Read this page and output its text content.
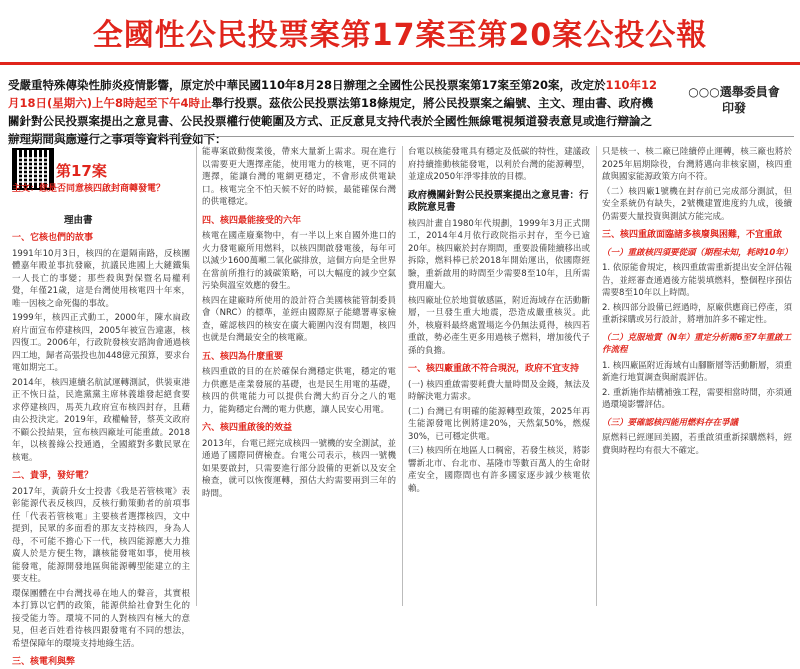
全國性公民投票案第17案至第20案公投公報
受嚴重特殊傳染性肺炎疫情影響，原定於中華民國110年8月28日辦理之全國性公民投票案第17案至第20案，改定於110年12月18日(星期六)上午8時起至下午4時止舉行投票。茲依公民投票法第18條規定，將公民投票案之編號、主文、理由書、政府機關針對公民投票案提出之意見書、公民投票權行使範圍及方式、正反意見支持代表於全國性無線電視頻道發表意見或進行辯論之辦理期間與應遵行之事項等資料刊登如下：
○○○選舉委員會
印發
第17案
主文：您是否同意核四啟封商轉發電？
理由書
一、它核也們的故事

1991年10月3日，核四的在還隔南路，反核團體嘉年殿並事抗發廠，抗議民進國上大鏈鐵集一人長亡的事變；那些殺與對保暨名局權利覺，年僅21歲，這是台灣使用核電四十年來，唯一因核之命死傷的事故。

1999年，核四正式動工，2000年，陳水扁政府片面宣布停建核四，2005年被宣告違憲，核四復工。2006年，行政院發核安諮詢會通過核四工地，歸者高張投也加448億元預算，要求台電如期完工。

2014年，核四連續名航試運轉測試，供裝東港正不恢日益，民進黨黨主席林義雄發起絕食要求停建核四，馬英九政府宣布核四封存，且藉由公投決定。2019年，政權輪替，蔡英文政府不顧公投結果，宣布核四廠址可能重啟。2018年，以核養綠公投通過，全國縱對多數民眾在核電。

二、貴爭，發好電？

2017年，黃蔚升女士投書《我是若管核電》表彰能源代表反核四，反核行動策動者的前項事任「代表若管核電」主要核者選擇核四，文中提到，民眾的多面看的那友支持核四，身為人母，不可能不擔心下一代，核四能源應大力推廣人於是方便生物，讓核能發電如事，使用核能發電，能源開發地區與能源轉型能建立的主要支柱。

環保團體在中台灣找尋在地人的聲音，其實根本打算以它們的政策，能源供給社會對生化的接受能力等。環境不同的人對核四有極大的意見，但老百姓看待核四跟發電有不同的想法，希望保障年的環境支持地綠生活。

三、核電利與弊

能專案啟動復業後，帶來大量新上需求。現在進行以需要更大選擇產能，使用電力的核電，更不同的選擇，能讓台灣的電網更穩定，不會形成供電缺口。核電完全不怕天候不好的時候，最能確保台灣的供電穩定。

四、核四最能接受的六年

核電在國產廢棄物中，有一半以上來自國外進口的火力發電廠所用燃料，以核四開啟發電後，每年可以減少1600萬噸二氧化碳排放，這個方向是全世界在當前所推行的減碳策略，可以大幅度的減少空氣污染與溫室效應的發生。

核四在建廠時所使用的設計符合美國核能管制委員會（NRC）的標準，並經由國際原子能總署專家檢查，確認核四的核安在廣大範圍內沒有問題，核四也就是台灣最安全的核電廠。

五、核四為什麼重要

核四重啟的目的在於確保台灣穩定供電，穩定的電力供應是產業發展的基礎，也是民生用電的基礎，核四的供電能力可以提供台灣大約百分之八的電力，能夠穩定台灣的電力供應，讓人民安心用電。

六、核四重啟後的效益

2013年，台電已經完成核四一號機的安全測試，並通過了國際同儕檢查。台電公司表示，核四一號機如果要啟封，只需要進行部分設備的更新以及安全檢查，就可以恢復運轉，預估大約需要兩到三年的時間。

台電以核能發電具有穩定及低碳的特性，建議政府持續推動核能發電，以利於台灣的能源轉型，並達成2050年淨零排放的目標。

政府機關針對公民投票案提出之意見書：行政院意見書

核四計畫自1980年代規劃，1999年3月正式開工，2014年4月依行政院指示封存，至今已逾20年。核四廠於封存期間，重要設備陸續移出或拆除，燃料棒已於2018年開始運出，依國際經驗，重新啟用的時間至少需要8至10年，且所需費用龐大。

核四廠址位於地質敏感區，附近海域存在活動斷層，一旦發生重大地震，恐造成嚴重核災。此外，核廢料最終處置場迄今仍無法覓得，核四若重啟，勢必產生更多用過核子燃料，增加後代子孫的負擔。

一、核四廠重啟不符合現況，政府不宜支持

(一) 核四重啟需要耗費大量時間及金錢，無法及時解決電力需求。

(二) 台灣已有明確的能源轉型政策，2025年再生能源發電比例將達20%，天然氣50%，燃煤30%，已可穩定供電。

(三) 核四所在地區人口稠密，若發生核災，將影響新北市、台北市、基隆市等數百萬人的生命財產安全，國際間也有許多國家逐步減少核電依賴。

只是核一、核二廠已陸續停止運轉，核三廠也將於2025年屆期除役，台灣將邁向非核家園，核四重啟與國家能源政策方向不符。

（二）核四廠1號機在封存前已完成部分測試，但安全系統仍有缺失，2號機建置進度約九成，後續仍需要大量投資與測試方能完成。

三、核四重啟面臨諸多核廢與困難，不宜重啟
（一）重啟核四須要從頭（期程未知，耗時10年）

1. 依原能會規定，核四重啟需重新提出安全評估報告，並經審查通過後方能裝填燃料，整個程序預估需要8至10年以上時間。

2. 核四部分設備已經過時，原廠供應商已停產，須重新採購或另行設計，將增加許多不確定性。

（二）克服地質（N年）重定分析需6至7年重啟工作流程

1. 核四廠區附近海域有山腳斷層等活動斷層，須重新進行地質調查與耐震評估。

2. 重新施作結構補強工程，需要相當時間，亦須通過環境影響評估。

（三）要確認核四能用燃料存在爭議

原燃料已經運回美國，若重啟須重新採購燃料，經費與時程均有很大不確定。
